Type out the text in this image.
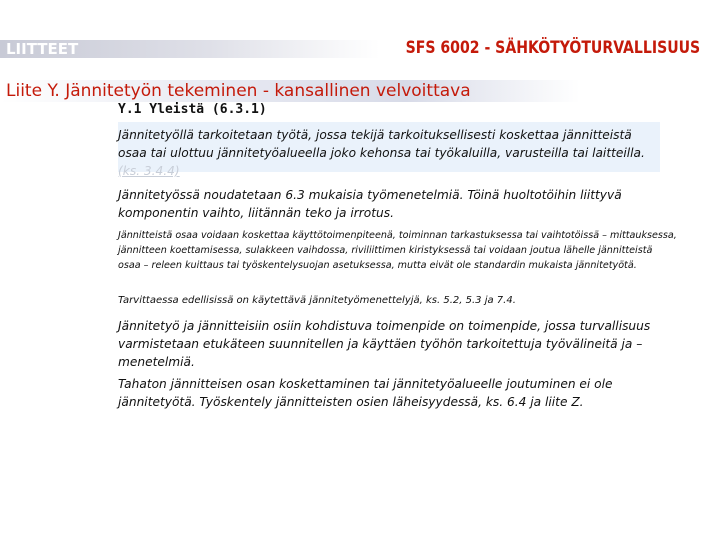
LIITTEET	SFS 6002 - SÄHKÖTYÖTURVALLISUUS
Liite Y. Jännitetyön tekeminen - kansallinen velvoittava
Y.1 Yleistä (6.3.1)
Jännitetyöllä tarkoitetaan työtä, jossa tekijä tarkoituksellisesti koskettaa jännitteistä osaa tai ulottuu jännitetyöalueella joko kehonsa tai työkaluilla, varusteilla tai laitteilla.(ks. 3.4.4)
Jännitetyössä noudatetaan 6.3 mukaisia työmenetelmiä. Töinä huoltotöihin liittyvä komponentin vaihto, liitännän teko ja irrotus.
Jännitteistä osaa voidaan koskettaa käyttötoimenpiteenä, toiminnan tarkastuksessa tai vaihtotöissä – mittauksessa, jännitteen koettamisessa, sulakkeen vaihdossa, riviliittimen kiristyksessä tai voidaan joutua lähelle jännitteistä osaa – releen kuittaus tai työskentelysuojan asetuksessa, mutta eivät ole standardin mukaista jännitetyötä.
Tarvittaessa edellisissä on käytettävä jännitetyömenettelyjä, ks. 5.2, 5.3 ja 7.4.
Jännitetyö ja jännitteisiin osiin kohdistuva toimenpide on toimenpide, jossa turvallisuus varmistetaan etukäteen suunnitellen ja käyttäen työhön tarkoitettuja työvälineitä ja –menetelmiä.
Tahaton jännitteisen osan koskettaminen tai jännitetyöalueelle joutuminen ei ole jännitetyötä. Työskentely jännitteisten osien läheisyydessä, ks. 6.4 ja liite Z.
